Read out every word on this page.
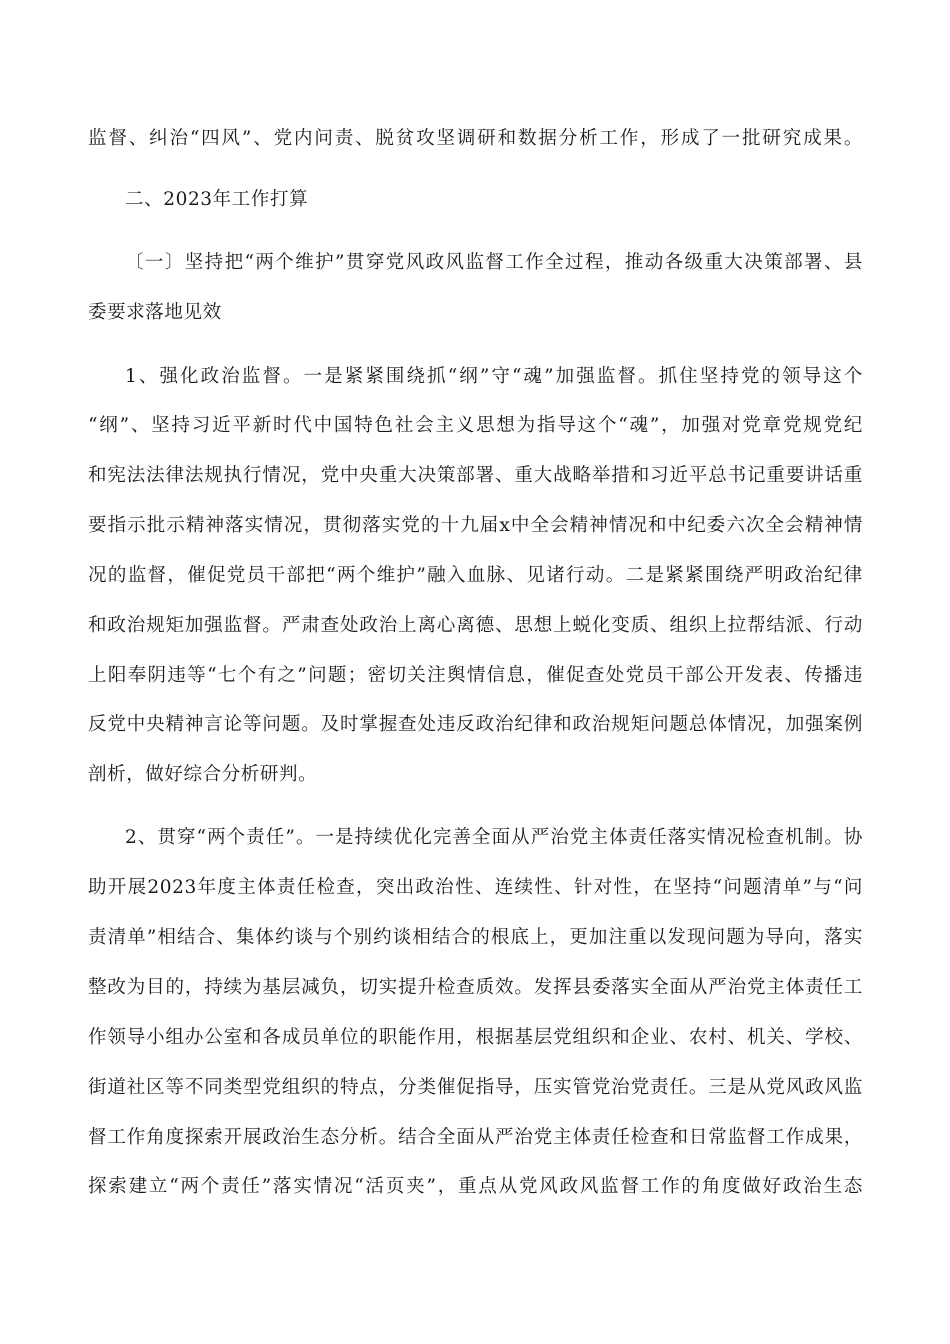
监督、纠治“四风”、党内问责、脱贫攻坚调研和数据分析工作，形成了一批研究成果。
二、2023年工作打算
〔一〕坚持把“两个维护”贯穿党风政风监督工作全过程，推动各级重大决策部署、县
委要求落地见效
1、强化政治监督。一是紧紧围绕抓“纲”守“魂”加强监督。抓住坚持党的领导这个
“纲”、坚持习近平新时代中国特色社会主义思想为指导这个“魂”，加强对党章党规党纪
和宪法法律法规执行情况，党中央重大决策部署、重大战略举措和习近平总书记重要讲话重
要指示批示精神落实情况，贯彻落实党的十九届x中全会精神情况和中纪委六次全会精神情
况的监督，催促党员干部把“两个维护”融入血脉、见诸行动。二是紧紧围绕严明政治纪律
和政治规矩加强监督。严肃查处政治上离心离德、思想上蜕化变质、组织上拉帮结派、行动
上阳奉阴违等“七个有之”问题；密切关注舆情信息，催促查处党员干部公开发表、传播违
反党中央精神言论等问题。及时掌握查处违反政治纪律和政治规矩问题总体情况，加强案例
剖析，做好综合分析研判。
2、贯穿“两个责任”。一是持续优化完善全面从严治党主体责任落实情况检查机制。协
助开展2023年度主体责任检查，突出政治性、连续性、针对性，在坚持“问题清单”与“问
责清单”相结合、集体约谈与个别约谈相结合的根底上，更加注重以发现问题为导向，落实
整改为目的，持续为基层减负，切实提升检查质效。发挥县委落实全面从严治党主体责任工
作领导小组办公室和各成员单位的职能作用，根据基层党组织和企业、农村、机关、学校、
街道社区等不同类型党组织的特点，分类催促指导，压实管党治党责任。三是从党风政风监
督工作角度探索开展政治生态分析。结合全面从严治党主体责任检查和日常监督工作成果，
探索建立“两个责任”落实情况“活页夹”，重点从党风政风监督工作的角度做好政治生态
